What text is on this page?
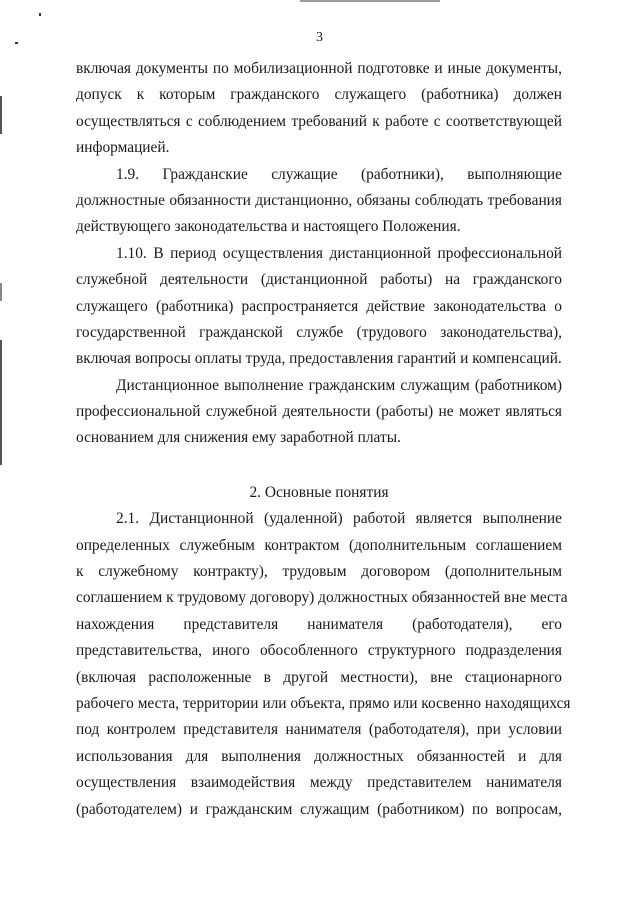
3
включая документы по мобилизационной подготовке и иные документы,
допуск к которым гражданского служащего (работника) должен
осуществляться с соблюдением требований к работе с соответствующей
информацией.
1.9. Гражданские служащие (работники), выполняющие
должностные обязанности дистанционно, обязаны соблюдать требования
действующего законодательства и настоящего Положения.
1.10. В период осуществления дистанционной профессиональной
служебной деятельности (дистанционной работы) на гражданского
служащего (работника) распространяется действие законодательства о
государственной гражданской службе (трудового законодательства),
включая вопросы оплаты труда, предоставления гарантий и компенсаций.
Дистанционное выполнение гражданским служащим (работником)
профессиональной служебной деятельности (работы) не может являться
основанием для снижения ему заработной платы.
2. Основные понятия
2.1. Дистанционной (удаленной) работой является выполнение
определенных служебным контрактом (дополнительным соглашением
к служебному контракту), трудовым договором (дополнительным
соглашением к трудовому договору) должностных обязанностей вне места
нахождения представителя нанимателя (работодателя), его
представительства, иного обособленного структурного подразделения
(включая расположенные в другой местности), вне стационарного
рабочего места, территории или объекта, прямо или косвенно находящихся
под контролем представителя нанимателя (работодателя), при условии
использования для выполнения должностных обязанностей и для
осуществления взаимодействия между представителем нанимателя
(работодателем) и гражданским служащим (работником) по вопросам,
